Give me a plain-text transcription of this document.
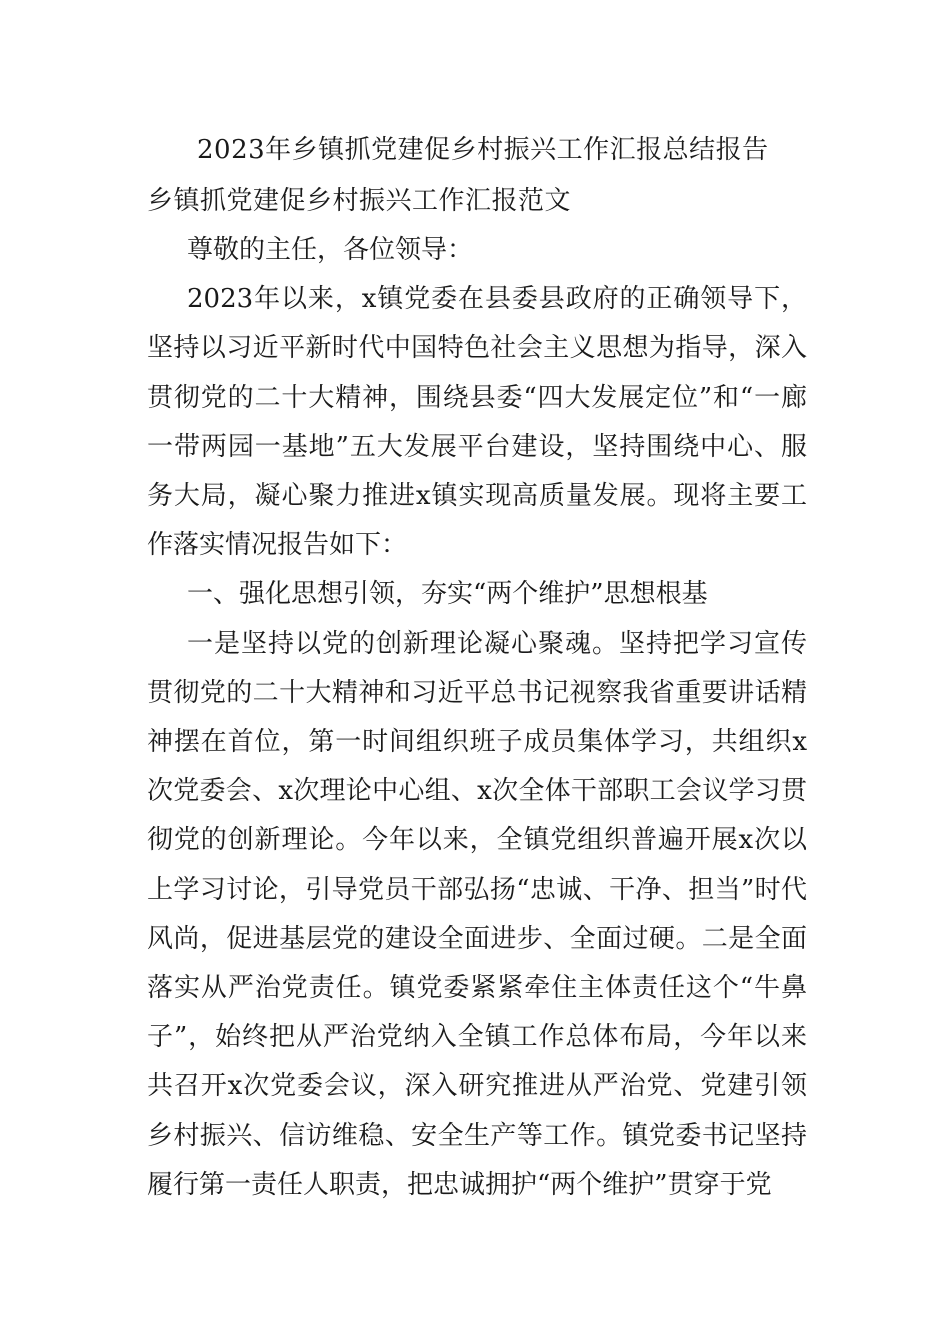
2023年乡镇抓党建促乡村振兴工作汇报总结报告
乡镇抓党建促乡村振兴工作汇报范文

尊敬的主任，各位领导：

2023年以来，x镇党委在县委县政府的正确领导下，坚持以习近平新时代中国特色社会主义思想为指导，深入贯彻党的二十大精神，围绕县委“四大发展定位”和“一廊一带两园一基地”五大发展平台建设，坚持围绕中心、服务大局，凝心聚力推进x镇实现高质量发展。现将主要工作落实情况报告如下：

一、强化思想引领，夯实“两个维护”思想根基

一是坚持以党的创新理论凝心聚魂。坚持把学习宣传贯彻党的二十大精神和习近平总书记视察我省重要讲话精神摆在首位，第一时间组织班子成员集体学习，共组织x次党委会、x次理论中心组、x次全体干部职工会议学习贯彻党的创新理论。今年以来，全镇党组织普遍开展x次以上学习讨论，引导党员干部弘扬“忠诚、干净、担当”时代风尚，促进基层党的建设全面进步、全面过硬。二是全面落实从严治党责任。镇党委紧紧牵住主体责任这个“牛鼻子”，始终把从严治党纳入全镇工作总体布局，今年以来共召开x次党委会议，深入研究推进从严治党、党建引领乡村振兴、信访维稳、安全生产等工作。镇党委书记坚持履行第一责任人职责，把忠诚拥护“两个维护”贯穿于党
